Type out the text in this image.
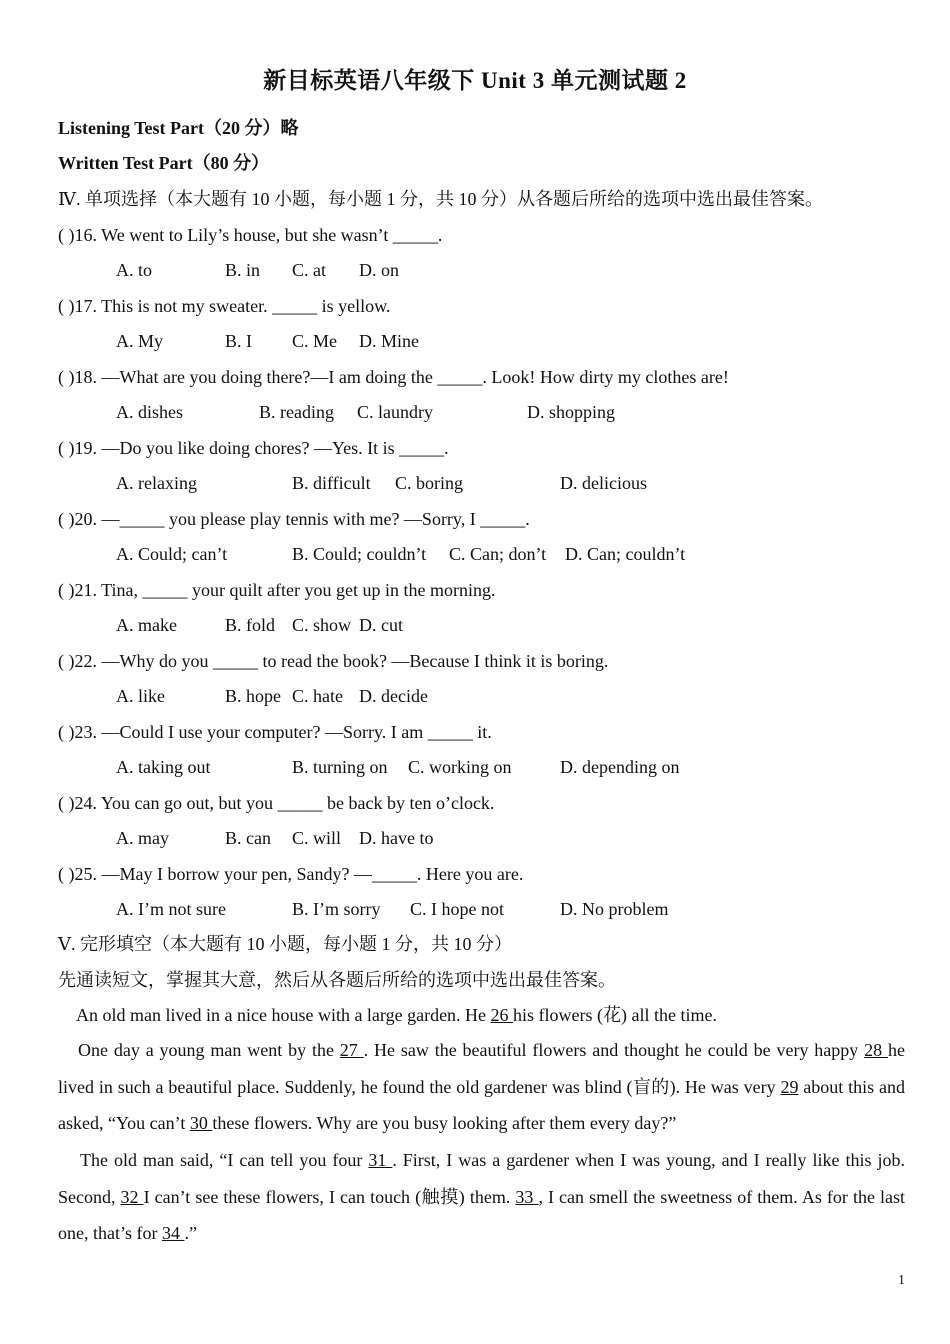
新目标英语八年级下 Unit 3 单元测试题 2
Listening Test Part（20 分）略
Written Test Part（80 分）
Ⅳ. 单项选择（本大题有 10 小题，每小题 1 分，共 10 分）从各题后所给的选项中选出最佳答案。
( )16. We went to Lily’s house, but she wasn’t _____.
A. to	B. in C. at D. on
( )17. This is not my sweater. _____ is yellow.
A. My	B. I C. Me D. Mine
( )18. —What are you doing there?—I am doing the _____. Look! How dirty my clothes are!
A. dishes	B. reading C. laundry	D. shopping
( )19. —Do you like doing chores? —Yes. It is _____.
A. relaxing	B. difficult C. boring	D. delicious
( )20. —_____ you please play tennis with me? —Sorry, I _____.
A. Could; can’t	B. Could; couldn’t C. Can; don’t D. Can; couldn’t
( )21. Tina, _____ your quilt after you get up in the morning.
A. make	B. fold C. show D. cut
( )22. —Why do you _____ to read the book? —Because I think it is boring.
A. like	B. hope C. hate D. decide
( )23. —Could I use your computer? —Sorry. I am _____ it.
A. taking out	B. turning on C. working on	D. depending on
( )24. You can go out, but you _____ be back by ten o’clock.
A. may	B. can C. will D. have to
( )25. —May I borrow your pen, Sandy? —_____. Here you are.
A. I’m not sure	B. I’m sorry C. I hope not	D. No problem
Ⅴ. 完形填空（本大题有 10 小题，每小题 1 分，共 10 分）
先通读短文，掌握其大意，然后从各题后所给的选项中选出最佳答案。
An old man lived in a nice house with a large garden. He 26 his flowers (花) all the time.
One day a young man went by the 27 . He saw the beautiful flowers and thought he could be very happy 28 he lived in such a beautiful place. Suddenly, he found the old gardener was blind (盲的). He was very 29 about this and asked, “You can’t 30 these flowers. Why are you busy looking after them every day?”
The old man said, “I can tell you four 31 . First, I was a gardener when I was young, and I really like this job. Second, 32 I can’t see these flowers, I can touch (触摸) them. 33 , I can smell the sweetness of them. As for the last one, that’s for 34 .”
1
